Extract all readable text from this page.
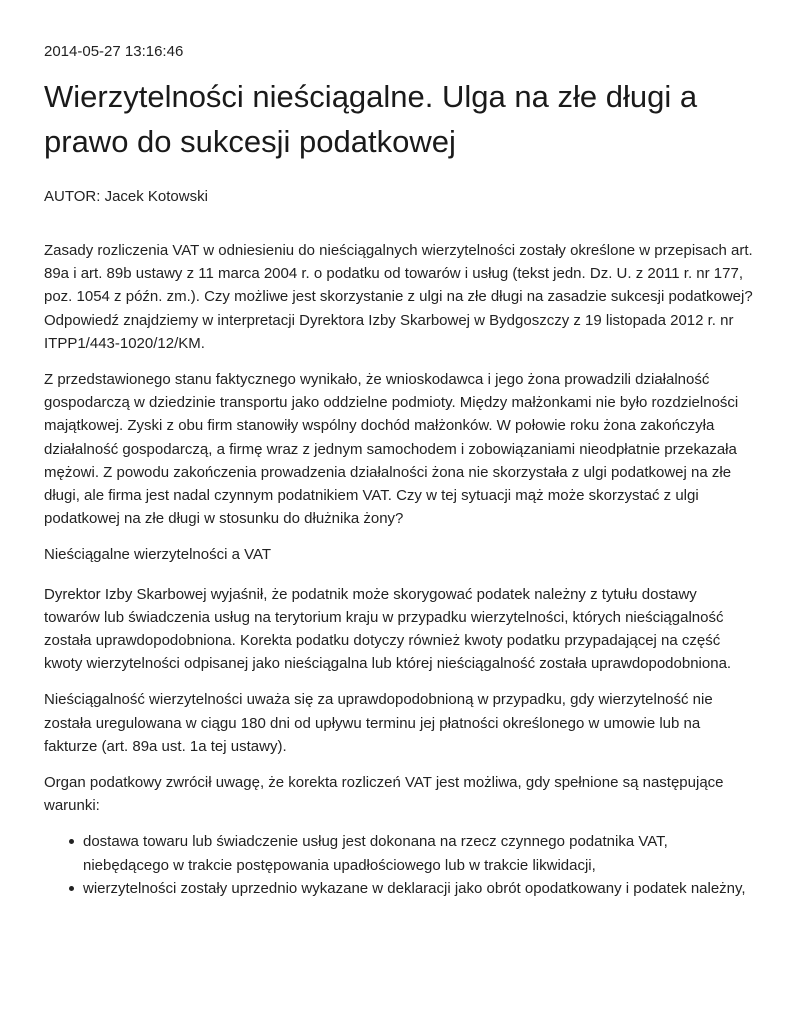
2014-05-27 13:16:46
Wierzytelności nieściągalne. Ulga na złe długi a prawo do sukcesji podatkowej
AUTOR: Jacek Kotowski

Zasady rozliczenia VAT w odniesieniu do nieściągalnych wierzytelności zostały określone w przepisach art. 89a i art. 89b ustawy z 11 marca 2004 r. o podatku od towarów i usług (tekst jedn. Dz. U. z 2011 r. nr 177, poz. 1054 z późn. zm.). Czy możliwe jest skorzystanie z ulgi na złe długi na zasadzie sukcesji podatkowej? Odpowiedź znajdziemy w interpretacji Dyrektora Izby Skarbowej w Bydgoszczy z 19 listopada 2012 r. nr ITPP1/443-1020/12/KM.

Z przedstawionego stanu faktycznego wynikało, że wnioskodawca i jego żona prowadzili działalność gospodarczą w dziedzinie transportu jako oddzielne podmioty. Między małżonkami nie było rozdzielności majątkowej. Zyski z obu firm stanowiły wspólny dochód małżonków. W połowie roku żona zakończyła działalność gospodarczą, a firmę wraz z jednym samochodem i zobowiązaniami nieodpłatnie przekazała mężowi. Z powodu zakończenia prowadzenia działalności żona nie skorzystała z ulgi podatkowej na złe długi, ale firma jest nadal czynnym podatnikiem VAT. Czy w tej sytuacji mąż może skorzystać z ulgi podatkowej na złe długi w stosunku do dłużnika żony?

Nieściągalne wierzytelności a VAT

Dyrektor Izby Skarbowej wyjaśnił, że podatnik może skorygować podatek należny z tytułu dostawy towarów lub świadczenia usług na terytorium kraju w przypadku wierzytelności, których nieściągalność została uprawdopodobniona. Korekta podatku dotyczy również kwoty podatku przypadającej na część kwoty wierzytelności odpisanej jako nieściągalna lub której nieściągalność została uprawdopodobniona.

Nieściągalność wierzytelności uważa się za uprawdopodobnioną w przypadku, gdy wierzytelność nie została uregulowana w ciągu 180 dni od upływu terminu jej płatności określonego w umowie lub na fakturze (art. 89a ust. 1a tej ustawy).

Organ podatkowy zwrócił uwagę, że korekta rozliczeń VAT jest możliwa, gdy spełnione są następujące warunki:

dostawa towaru lub świadczenie usług jest dokonana na rzecz czynnego podatnika VAT, niebędącego w trakcie postępowania upadłościowego lub w trakcie likwidacji,
wierzytelności zostały uprzednio wykazane w deklaracji jako obrót opodatkowany i podatek należny,
